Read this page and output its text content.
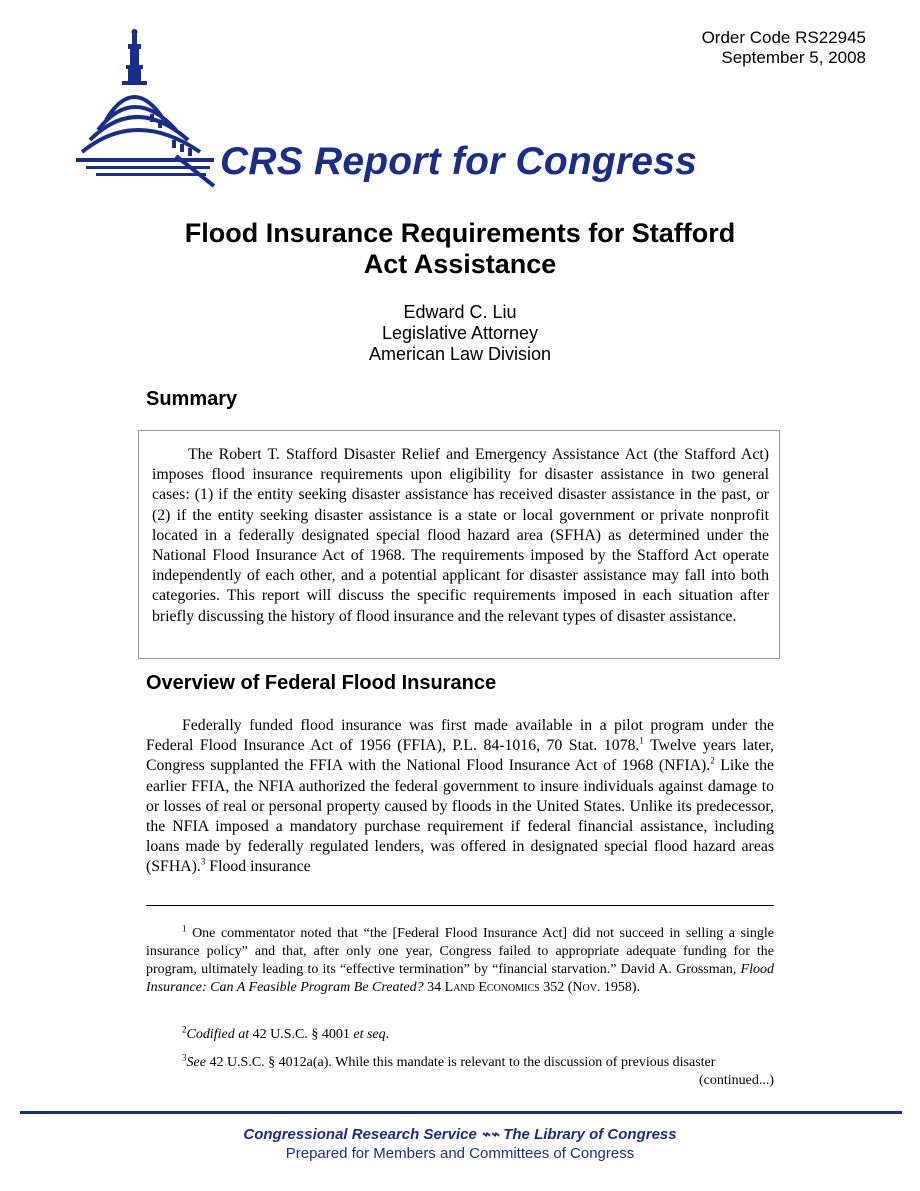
Order Code RS22945
September 5, 2008
CRS Report for Congress
Flood Insurance Requirements for Stafford
Act Assistance
Edward C. Liu
Legislative Attorney
American Law Division
Summary

The Robert T. Stafford Disaster Relief and Emergency Assistance Act (the Stafford Act) imposes flood insurance requirements upon eligibility for disaster assistance in two general cases: (1) if the entity seeking disaster assistance has received disaster assistance in the past, or (2) if the entity seeking disaster assistance is a state or local government or private nonprofit located in a federally designated special flood hazard area (SFHA) as determined under the National Flood Insurance Act of 1968. The requirements imposed by the Stafford Act operate independently of each other, and a potential applicant for disaster assistance may fall into both categories. This report will discuss the specific requirements imposed in each situation after briefly discussing the history of flood insurance and the relevant types of disaster assistance.

Overview of Federal Flood Insurance

Federally funded flood insurance was first made available in a pilot program under the Federal Flood Insurance Act of 1956 (FFIA), P.L. 84-1016, 70 Stat. 1078.$^1$ Twelve years later, Congress supplanted the FFIA with the National Flood Insurance Act of 1968 (NFIA).$^2$ Like the earlier FFIA, the NFIA authorized the federal government to insure individuals against damage to or losses of real or personal property caused by floods in the United States. Unlike its predecessor, the NFIA imposed a mandatory purchase requirement if federal financial assistance, including loans made by federally regulated lenders, was offered in designated special flood hazard areas (SFHA).$^3$ Flood insurance

$^1$ One commentator noted that “the [Federal Flood Insurance Act] did not succeed in selling a single insurance policy” and that, after only one year, Congress failed to appropriate adequate funding for the program, ultimately leading to its “effective termination” by “financial starvation.” David A. Grossman, Flood Insurance: Can A Feasible Program Be Created? 34 Land Economics 352 (Nov. 1958).

$^2$Codified at 42 U.S.C. § 4001 et seq.

$^3$See 42 U.S.C. § 4012a(a). While this mandate is relevant to the discussion of previous disaster

(continued...)

Congressional Research Service ⌁⌁ The Library of Congress
Prepared for Members and Committees of Congress
